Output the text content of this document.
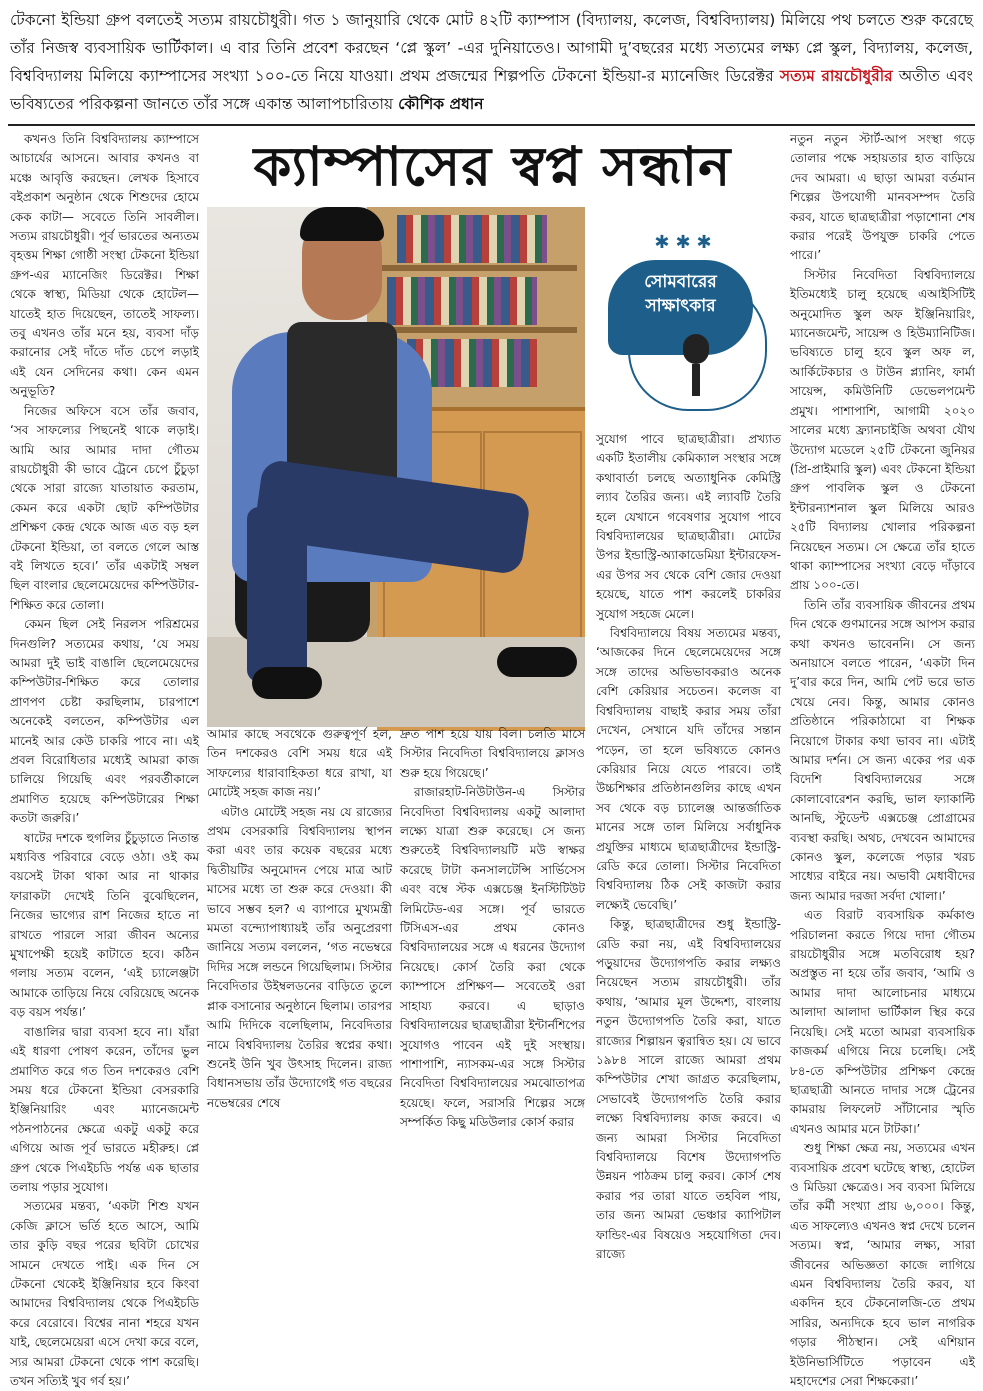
টেকনো ইন্ডিয়া গ্রুপ বলতেই সত্যম রায়চৌধুরী। গত ১ জানুয়ারি থেকে মোট ৪২টি ক্যাম্পাস (বিদ্যালয়, কলেজ, বিশ্ববিদ্যালয়) মিলিয়ে পথ চলতে শুরু করেছে তাঁর নিজস্ব ব্যবসায়িক ভার্টিকাল। এ বার তিনি প্রবেশ করছেন ‘প্লে স্কুল’ -এর দুনিয়াতেও। আগামী দু’বছরের মধ্যে সত্যমের লক্ষ্য প্লে স্কুল, বিদ্যালয়, কলেজ, বিশ্ববিদ্যালয় মিলিয়ে ক্যাম্পাসের সংখ্যা ১০০-তে নিয়ে যাওয়া। প্রথম প্রজন্মের শিল্পপতি টেকনো ইন্ডিয়া-র ম্যানেজিং ডিরেক্টর সত্যম রায়চৌধুরীর অতীত এবং ভবিষ্যতের পরিকল্পনা জানতে তাঁর সঙ্গে একান্ত আলাপচারিতায় কৌশিক প্রধান
ক্যাম্পাসের স্বপ্ন সন্ধান

কখনও তিনি বিশ্ববিদ্যালয় ক্যাম্পাসে আচার্যের আসনে। আবার কখনও বা মঞ্চে আবৃত্তি করছেন। লেখক হিসাবে বইপ্রকাশ অনুষ্ঠান থেকে শিশুদের হোমে কেক কাটা— সবেতে তিনি সাবলীল। সত্যম রায়চৌধুরী। পূর্ব ভারতের অন্যতম বৃহত্তম শিক্ষা গোষ্ঠী সংস্থা টেকনো ইন্ডিয়া গ্রুপ-এর ম্যানেজিং ডিরেক্টর। শিক্ষা থেকে স্বাস্থ্য, মিডিয়া থেকে হোটেল— যাতেই হাত দিয়েছেন, তাতেই সাফল্য। তবু এখনও তাঁর মনে হয়, ব্যবসা দাঁড় করানোর সেই দাঁতে দাঁত চেপে লড়াই এই যেন সেদিনের কথা। কেন এমন অনুভূতি?

নিজের অফিসে বসে তাঁর জবাব, ‘সব সাফল্যের পিছনেই থাকে লড়াই। আমি আর আমার দাদা গৌতম রায়চৌধুরী কী ভাবে ট্রেনে চেপে চুঁচুড়া থেকে সারা রাজ্যে যাতায়াত করতাম, কেমন করে একটা ছোট কম্পিউটার প্রশিক্ষণ কেন্দ্র থেকে আজ এত বড় হল টেকনো ইন্ডিয়া, তা বলতে গেলে আস্ত বই লিখতে হবে।’ তাঁর একটাই সম্বল ছিল বাংলার ছেলেমেয়েদের কম্পিউটার-শিক্ষিত করে তোলা।

কেমন ছিল সেই নিরলস পরিশ্রমের দিনগুলি? সত্যমের কথায়, ‘যে সময় আমরা দুই ভাই বাঙালি ছেলেমেয়েদের কম্পিউটার-শিক্ষিত করে তোলার প্রাণপণ চেষ্টা করছিলাম, চারপাশে অনেকেই বলতেন, কম্পিউটার এল মানেই আর কেউ চাকরি পাবে না। এই প্রবল বিরোধিতার মধ্যেই আমরা কাজ চালিয়ে গিয়েছি এবং পরবর্তীকালে প্রমাণিত হয়েছে কম্পিউটারের শিক্ষা কতটা জরুরি।’

ষাটের দশকে হুগলির চুঁচুড়াতে নিতান্ত মধ্যবিত্ত পরিবারে বেড়ে ওঠা। ওই কম বয়সেই টাকা থাকা আর না থাকার ফারাকটা দেখেই তিনি বুঝেছিলেন, নিজের ভাগ্যের রাশ নিজের হাতে না রাখতে পারলে সারা জীবন অন্যের মুখাপেক্ষী হয়েই কাটাতে হবে। কঠিন গলায় সত্যম বলেন, ‘এই চ্যালেঞ্জটা আমাকে তাড়িয়ে নিয়ে বেরিয়েছে অনেক বড় বয়স পর্যন্ত।’

বাঙালির দ্বারা ব্যবসা হবে না। যাঁরা এই ধারণা পোষণ করেন, তাঁদের ভুল প্রমাণিত করে গত তিন দশকেরও বেশি সময় ধরে টেকনো ইন্ডিয়া বেসরকারি ইঞ্জিনিয়ারিং এবং ম্যানেজমেন্ট পঠনপাঠনের ক্ষেত্রে একটু একটু করে এগিয়ে আজ পূর্ব ভারতে মহীরুহ। প্লে গ্রুপ থেকে পিএইচডি পর্যন্ত এক ছাতার তলায় পড়ার সুযোগ।

সত্যমের মন্তব্য, ‘একটা শিশু যখন কেজি ক্লাসে ভর্তি হতে আসে, আমি তার কুড়ি বছর পরের ছবিটা চোখের সামনে দেখতে পাই। এক দিন সে টেকনো থেকেই ইঞ্জিনিয়ার হবে কিংবা আমাদের বিশ্ববিদ্যালয় থেকে পিএইচডি করে বেরোবে। বিশ্বের নানা শহরে যখন যাই, ছেলেমেয়েরা এসে দেখা করে বলে, স্যর আমরা টেকনো থেকে পাশ করেছি। তখন সত্যিই খুব গর্ব হয়।’

✱✱✱
সোমবারের
সাক্ষাৎকার

আমার কাছে সবথেকে গুরুত্বপূর্ণ হল, তিন দশকেরও বেশি সময় ধরে এই সাফল্যের ধারাবাহিকতা ধরে রাখা, যা মোটেই সহজ কাজ নয়।’

এটাও মোটেই সহজ নয় যে রাজ্যের প্রথম বেসরকারি বিশ্ববিদ্যালয় স্থাপন করা এবং তার কয়েক বছরের মধ্যে দ্বিতীয়টির অনুমোদন পেয়ে মাত্র আট মাসের মধ্যে তা শুরু করে দেওয়া। কী ভাবে সম্ভব হল? এ ব্যাপারে মুখ্যমন্ত্রী মমতা বন্দ্যোপাধ্যায়ই তাঁর অনুপ্রেরণা জানিয়ে সত্যম বললেন, ‘গত নভেম্বরে দিদির সঙ্গে লন্ডনে গিয়েছিলাম। সিস্টার নিবেদিতার উইম্বলডনের বাড়িতে তুলে প্লাক বসানোর অনুষ্ঠানে ছিলাম। তারপর আমি দিদিকে বলেছিলাম, নিবেদিতার নামে বিশ্ববিদ্যালয় তৈরির স্বপ্নের কথা। শুনেই উনি খুব উৎসাহ দিলেন। রাজ্য বিধানসভায় তাঁর উদ্যোগেই গত বছরের নভেম্বরের শেষে

দ্রুত পাশ হয়ে যায় বিল। চলতি মাসে সিস্টার নিবেদিতা বিশ্ববিদ্যালয়ে ক্লাসও শুরু হয়ে গিয়েছে।’

রাজারহাট-নিউটাউন-এ সিস্টার নিবেদিতা বিশ্ববিদ্যালয় একটু আলাদা লক্ষ্যে যাত্রা শুরু করেছে। সে জন্য শুরুতেই বিশ্ববিদ্যালয়টি মউ স্বাক্ষর করেছে টাটা কনসালটেন্সি সার্ভিসেস এবং বম্বে স্টক এক্সচেঞ্জ ইনস্টিটিউট লিমিটেড-এর সঙ্গে। পূর্ব ভারতে টিসিএস-এর প্রথম কোনও বিশ্ববিদ্যালয়ের সঙ্গে এ ধরনের উদ্যোগ নিয়েছে। কোর্স তৈরি করা থেকে ক্যাম্পাসে প্রশিক্ষণ— সবেতেই ওরা সাহায্য করবে। এ ছাড়াও বিশ্ববিদ্যালয়ের ছাত্রছাত্রীরা ইন্টার্নশিপের সুযোগও পাবেন এই দুই সংস্থায়। পাশাপাশি, ন্যাসকম-এর সঙ্গে সিস্টার নিবেদিতা বিশ্ববিদ্যালয়ের সমঝোতাপত্র হয়েছে। ফলে, সরাসরি শিল্পের সঙ্গে সম্পর্কিত কিছু মডিউলার কোর্স করার

সুযোগ পাবে ছাত্রছাত্রীরা। প্রখ্যাত একটি ইতালীয় কেমিক্যাল সংস্থার সঙ্গে কথাবার্তা চলছে অত্যাধুনিক কেমিস্ট্রি ল্যাব তৈরির জন্য। এই ল্যাবটি তৈরি হলে যেখানে গবেষণার সুযোগ পাবে বিশ্ববিদ্যালয়ের ছাত্রছাত্রীরা। মোটের উপর ইন্ডাস্ট্রি-অ্যাকাডেমিয়া ইন্টারফেস-এর উপর সব থেকে বেশি জোর দেওয়া হয়েছে, যাতে পাশ করলেই চাকরির সুযোগ সহজে মেলে।

বিশ্ববিদ্যালয়ে বিষয় সত্যমের মন্তব্য, ‘আজকের দিনে ছেলেমেয়েদের সঙ্গে সঙ্গে তাদের অভিভাবকরাও অনেক বেশি কেরিয়ার সচেতন। কলেজ বা বিশ্ববিদ্যালয় বাছাই করার সময় তাঁরা দেখেন, সেখানে যদি তাঁদের সন্তান পড়েন, তা হলে ভবিষ্যতে কোনও কেরিয়ার নিয়ে যেতে পারবে। তাই উচ্চশিক্ষার প্রতিষ্ঠানগুলির কাছে এখন সব থেকে বড় চ্যালেঞ্জ আন্তর্জাতিক মানের সঙ্গে তাল মিলিয়ে সর্বাধুনিক প্রযুক্তির মাধ্যমে ছাত্রছাত্রীদের ইন্ডাস্ট্রি-রেডি করে তোলা। সিস্টার নিবেদিতা বিশ্ববিদ্যালয় ঠিক সেই কাজটা করার লক্ষ্যেই ভেবেছি।’

কিন্তু, ছাত্রছাত্রীদের শুধু ইন্ডাস্ট্রি-রেডি করা নয়, এই বিশ্ববিদ্যালয়ের পড়ুয়াদের উদ্যোগপতি করার লক্ষ্যও নিয়েছেন সত্যম রায়চৌধুরী। তাঁর কথায়, ‘আমার মূল উদ্দেশ্য, বাংলায় নতুন উদ্যোগপতি তৈরি করা, যাতে রাজ্যের শিল্পায়ন ত্বরান্বিত হয়। যে ভাবে ১৯৮৪ সালে রাজ্যে আমরা প্রথম কম্পিউটার শেখা জাগ্রত করেছিলাম, সেভাবেই উদ্যোগপতি তৈরি করার লক্ষ্যে বিশ্ববিদ্যালয় কাজ করবে। এ জন্য আমরা সিস্টার নিবেদিতা বিশ্ববিদ্যালয়ে বিশেষ উদ্যোগপতি উন্নয়ন পাঠক্রম চালু করব। কোর্স শেষ করার পর তারা যাতে তহবিল পায়, তার জন্য আমরা ভেঞ্চার ক্যাপিটাল ফান্ডিং-এর বিষয়েও সহযোগিতা দেব। রাজ্যে

নতুন নতুন স্টার্ট-আপ সংস্থা গড়ে তোলার পক্ষে সহায়তার হাত বাড়িয়ে দেব আমরা। এ ছাড়া আমরা বর্তমান শিল্পের উপযোগী মানবসম্পদ তৈরি করব, যাতে ছাত্রছাত্রীরা পড়াশোনা শেষ করার পরেই উপযুক্ত চাকরি পেতে পারে।’

সিস্টার নিবেদিতা বিশ্ববিদ্যালয়ে ইতিমধ্যেই চালু হয়েছে এআইসিটিই অনুমোদিত স্কুল অফ ইঞ্জিনিয়ারিং, ম্যানেজমেন্ট, সায়েন্স ও হিউম্যানিটিজ। ভবিষ্যতে চালু হবে স্কুল অফ ল, আর্কিটেকচার ও টাউন প্ল্যানিং, ফার্মা সায়েন্স, কমিউনিটি ডেভেলপমেন্ট প্রমুখ। পাশাপাশি, আগামী ২০২০ সালের মধ্যে ফ্র্যানচাইজি অথবা যৌথ উদ্যোগ মডেলে ২৫টি টেকনো জুনিয়র (প্রি-প্রাইমারি স্কুল) এবং টেকনো ইন্ডিয়া গ্রুপ পাবলিক স্কুল ও টেকনো ইন্টারন্যাশনাল স্কুল মিলিয়ে আরও ২৫টি বিদ্যালয় খোলার পরিকল্পনা নিয়েছেন সত্যম। সে ক্ষেত্রে তাঁর হাতে থাকা ক্যাম্পাসের সংখ্যা বেড়ে দাঁড়াবে প্রায় ১০০-তে।

তিনি তাঁর ব্যবসায়িক জীবনের প্রথম দিন থেকে গুণমানের সঙ্গে আপস করার কথা কখনও ভাবেননি। সে জন্য অনায়াসে বলতে পারেন, ‘একটা দিন দু’বার করে দিন, আমি পেট ভরে ভাত খেয়ে নেব। কিন্তু, আমার কোনও প্রতিষ্ঠানে পরিকাঠামো বা শিক্ষক নিয়োগে টাকার কথা ভাবব না। এটাই আমার দর্শন। সে জন্য একের পর এক বিদেশি বিশ্ববিদ্যালয়ের সঙ্গে কোলাবোরেশন করছি, ভাল ফ্যাকাল্টি আনছি, স্টুডেন্ট এক্সচেঞ্জ প্রোগ্রামের ব্যবস্থা করছি। অথচ, দেখবেন আমাদের কোনও স্কুল, কলেজে পড়ার খরচ সাধ্যের বাইরে নয়। অভাবী মেধাবীদের জন্য আমার দরজা সর্বদা খোলা।’

এত বিরাট ব্যবসায়িক কর্মকাণ্ড পরিচালনা করতে গিয়ে দাদা গৌতম রায়চৌধুরীর সঙ্গে মতবিরোধ হয়? অপ্রস্তুত না হয়ে তাঁর জবাব, ‘আমি ও আমার দাদা আলোচনার মাধ্যমে আলাদা আলাদা ভার্টিকাল স্থির করে নিয়েছি। সেই মতো আমরা ব্যবসায়িক কাজকর্ম এগিয়ে নিয়ে চলেছি। সেই ৮৪-তে কম্পিউটার প্রশিক্ষণ কেন্দ্রে ছাত্রছাত্রী আনতে দাদার সঙ্গে ট্রেনের কামরায় লিফলেট সাঁটানোর স্মৃতি এখনও আমার মনে টাটকা।’

শুধু শিক্ষা ক্ষেত্র নয়, সত্যমের এখন ব্যবসায়িক প্রবেশ ঘটেছে স্বাস্থ্য, হোটেল ও মিডিয়া ক্ষেত্রেও। সব ব্যবসা মিলিয়ে তাঁর কর্মী সংখ্যা প্রায় ৬,০০০। কিন্তু, এত সাফল্যেও এখনও স্বপ্ন দেখে চলেন সত্যম। স্বপ্ন, ‘আমার লক্ষ্য, সারা জীবনের অভিজ্ঞতা কাজে লাগিয়ে এমন বিশ্ববিদ্যালয় তৈরি করব, যা একদিন হবে টেকনোলজি-তে প্রথম সারির, অন্যদিকে হবে ভাল নাগরিক গড়ার পীঠস্থান। সেই এশিয়ান ইউনিভার্সিটিতে পড়াবেন এই মহাদেশের সেরা শিক্ষকেরা।’
